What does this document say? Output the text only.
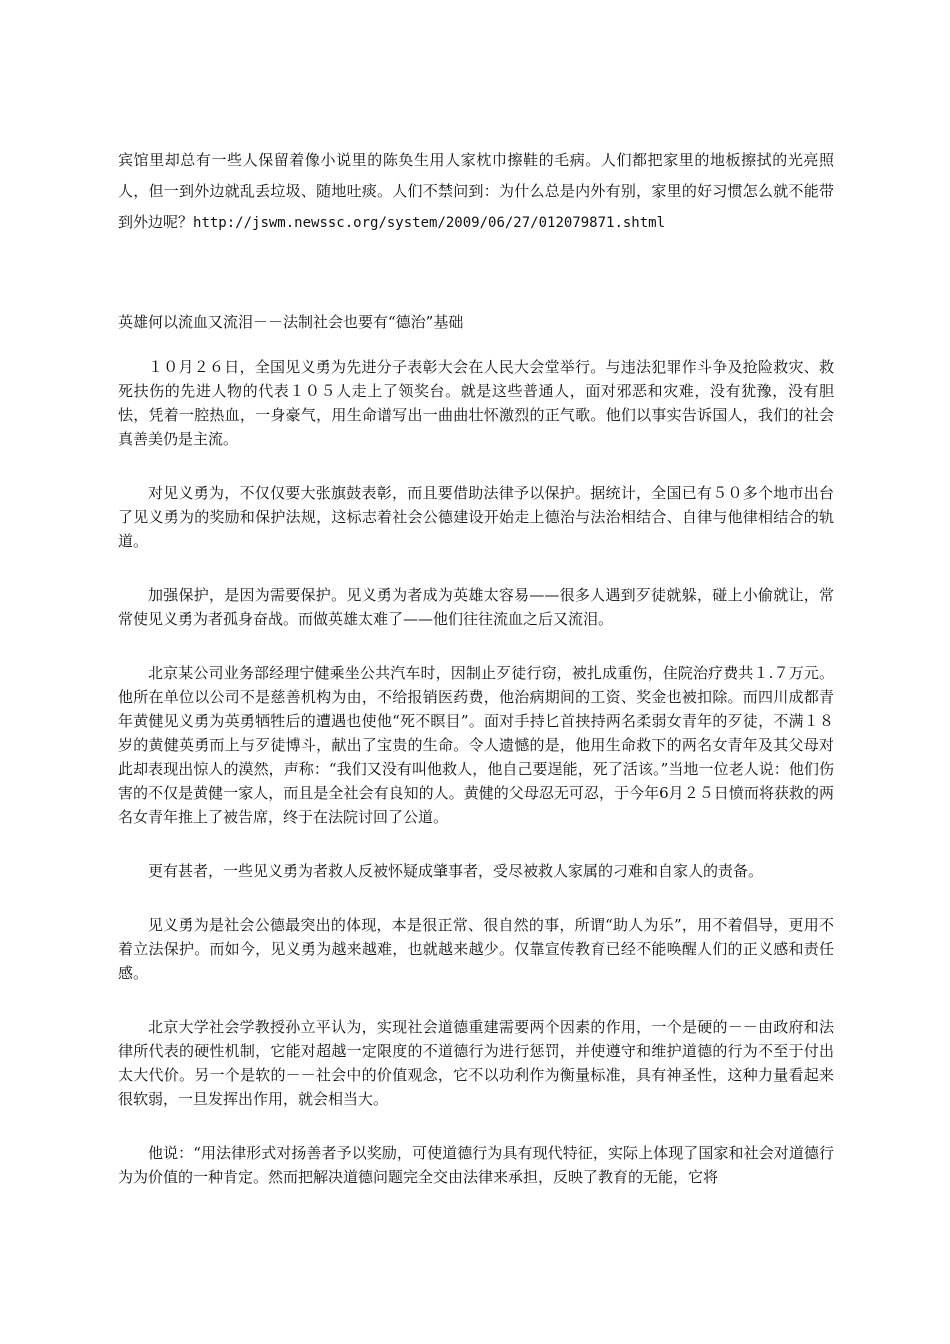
宾馆里却总有一些人保留着像小说里的陈奂生用人家枕巾擦鞋的毛病。人们都把家里的地板擦拭的光亮照人，但一到外边就乱丢垃圾、随地吐痰。人们不禁问到：为什么总是内外有别，家里的好习惯怎么就不能带到外边呢？http://jswm.newssc.org/system/2009/06/27/012079871.shtml
英雄何以流血又流泪－－法制社会也要有“德治”基础

１０月２６日，全国见义勇为先进分子表彰大会在人民大会堂举行。与违法犯罪作斗争及抢险救灾、救死扶伤的先进人物的代表１０５人走上了领奖台。就是这些普通人，面对邪恶和灾难，没有犹豫，没有胆怯，凭着一腔热血，一身豪气，用生命谱写出一曲曲壮怀激烈的正气歌。他们以事实告诉国人，我们的社会真善美仍是主流。

对见义勇为，不仅仅要大张旗鼓表彰，而且要借助法律予以保护。据统计，全国已有５０多个地市出台了见义勇为的奖励和保护法规，这标志着社会公德建设开始走上德治与法治相结合、自律与他律相结合的轨道。

加强保护，是因为需要保护。见义勇为者成为英雄太容易——很多人遇到歹徒就躲，碰上小偷就让，常常使见义勇为者孤身奋战。而做英雄太难了——他们往往流血之后又流泪。

北京某公司业务部经理宁健乘坐公共汽车时，因制止歹徒行窃，被扎成重伤，住院治疗费共１.７万元。他所在单位以公司不是慈善机构为由，不给报销医药费，他治病期间的工资、奖金也被扣除。而四川成都青年黄健见义勇为英勇牺牲后的遭遇也使他“死不瞑目”。面对手持匕首挟持两名柔弱女青年的歹徒，不满１８岁的黄健英勇而上与歹徒博斗，献出了宝贵的生命。令人遗憾的是，他用生命救下的两名女青年及其父母对此却表现出惊人的漠然，声称：“我们又没有叫他救人，他自己要逞能，死了活该。”当地一位老人说：他们伤害的不仅是黄健一家人，而且是全社会有良知的人。黄健的父母忍无可忍，于今年6月２５日愤而将获救的两名女青年推上了被告席，终于在法院讨回了公道。

更有甚者，一些见义勇为者救人反被怀疑成肇事者，受尽被救人家属的刁难和自家人的责备。

见义勇为是社会公德最突出的体现，本是很正常、很自然的事，所谓“助人为乐”，用不着倡导，更用不着立法保护。而如今，见义勇为越来越难，也就越来越少。仅靠宣传教育已经不能唤醒人们的正义感和责任感。

北京大学社会学教授孙立平认为，实现社会道德重建需要两个因素的作用，一个是硬的－－由政府和法律所代表的硬性机制，它能对超越一定限度的不道德行为进行惩罚，并使遵守和维护道德的行为不至于付出太大代价。另一个是软的－－社会中的价值观念，它不以功利作为衡量标准，具有神圣性，这种力量看起来很软弱，一旦发挥出作用，就会相当大。

他说：“用法律形式对扬善者予以奖励，可使道德行为具有现代特征，实际上体现了国家和社会对道德行为为价值的一种肯定。然而把解决道德问题完全交由法律来承担，反映了教育的无能，它将
